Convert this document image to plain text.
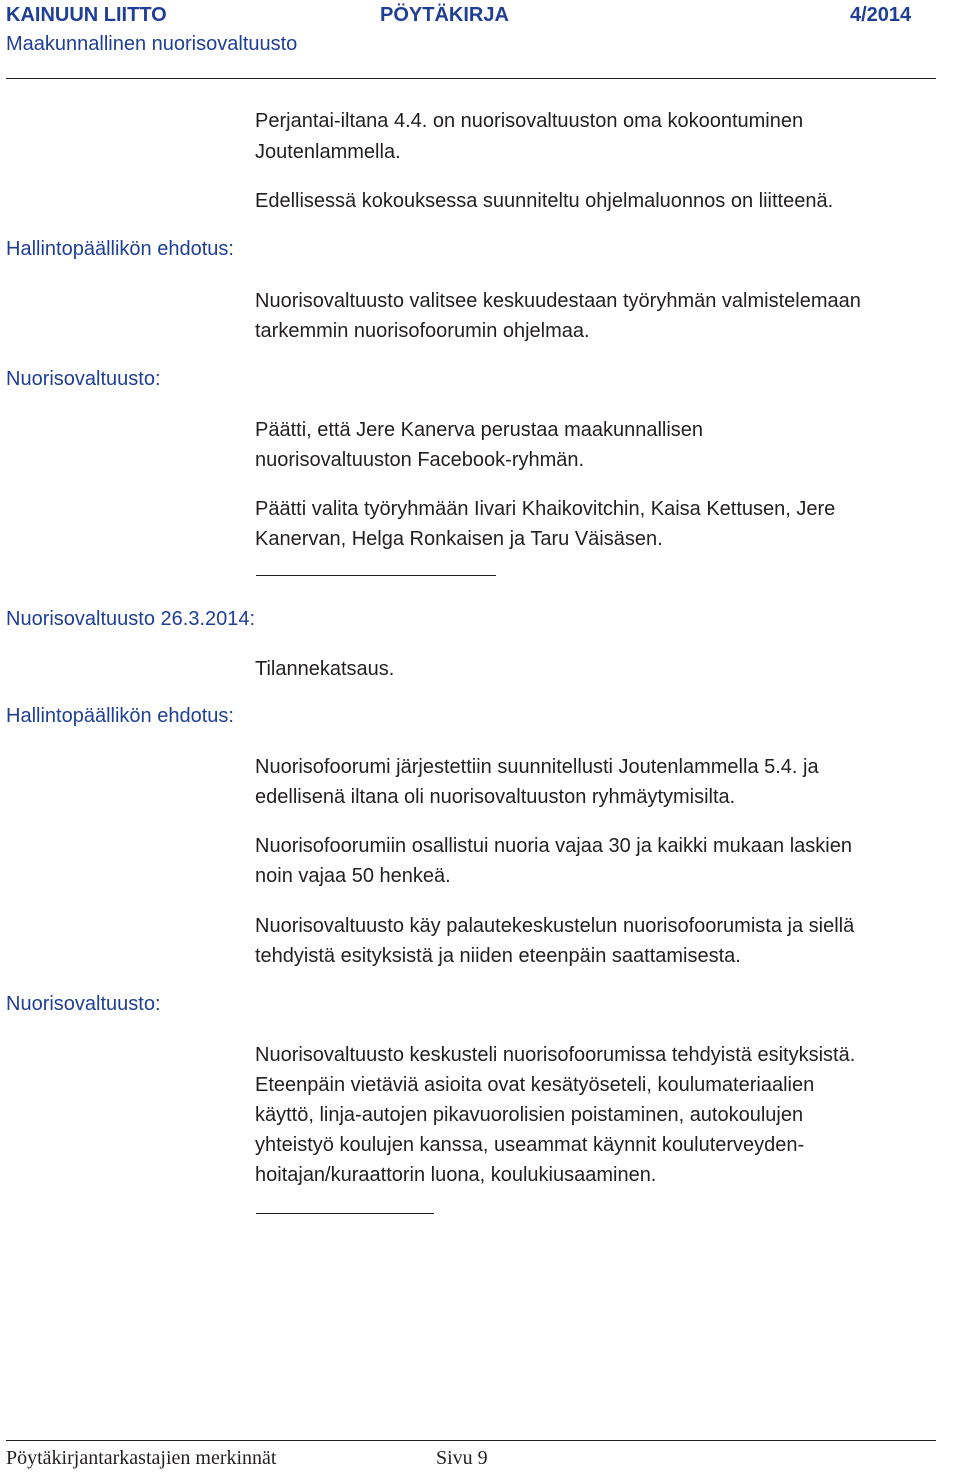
KAINUUN LIITTO	PÖYTÄKIRJA	4/2014
Maakunnallinen nuorisovaltuusto
Hallintopäällikön ehdotus:
Nuorisovaltuusto:
Nuorisovaltuusto 26.3.2014:
Hallintopäällikön ehdotus:
Nuorisovaltuusto:
Perjantai-iltana 4.4. on nuorisovaltuuston oma kokoontuminen
Joutenlammella.
Edellisessä kokouksessa suunniteltu ohjelmaluonnos on liitteenä.
Nuorisovaltuusto valitsee keskuudestaan työryhmän valmistelemaan
tarkemmin nuorisofoorumin ohjelmaa.
Päätti, että Jere Kanerva perustaa maakunnallisen
nuorisovaltuuston Facebook-ryhmän.
Päätti valita työryhmään Iivari Khaikovitchin, Kaisa Kettusen, Jere
Kanervan, Helga Ronkaisen ja Taru Väisäsen.
Tilannekatsaus.
Nuorisofoorumi järjestettiin suunnitellusti Joutenlammella 5.4. ja
edellisenä iltana oli nuorisovaltuuston ryhmäytymisilta.
Nuorisofoorumiin osallistui nuoria vajaa 30 ja kaikki mukaan laskien
noin vajaa 50 henkeä.
Nuorisovaltuusto käy palautekeskustelun nuorisofoorumista ja siellä
tehdyistä esityksistä ja niiden eteenpäin saattamisesta.
Nuorisovaltuusto keskusteli nuorisofoorumissa tehdyistä esityksistä.
Eteenpäin vietäviä asioita ovat kesätyöseteli, koulumateriaalien
käyttö, linja-autojen pikavuorolisien poistaminen, autokoulujen
yhteistyö koulujen kanssa, useammat käynnit kouluterveyden-
hoitajan/kuraattorin luona, koulukiusaaminen.
Pöytäkirjantarkastajien merkinnät	Sivu 9
